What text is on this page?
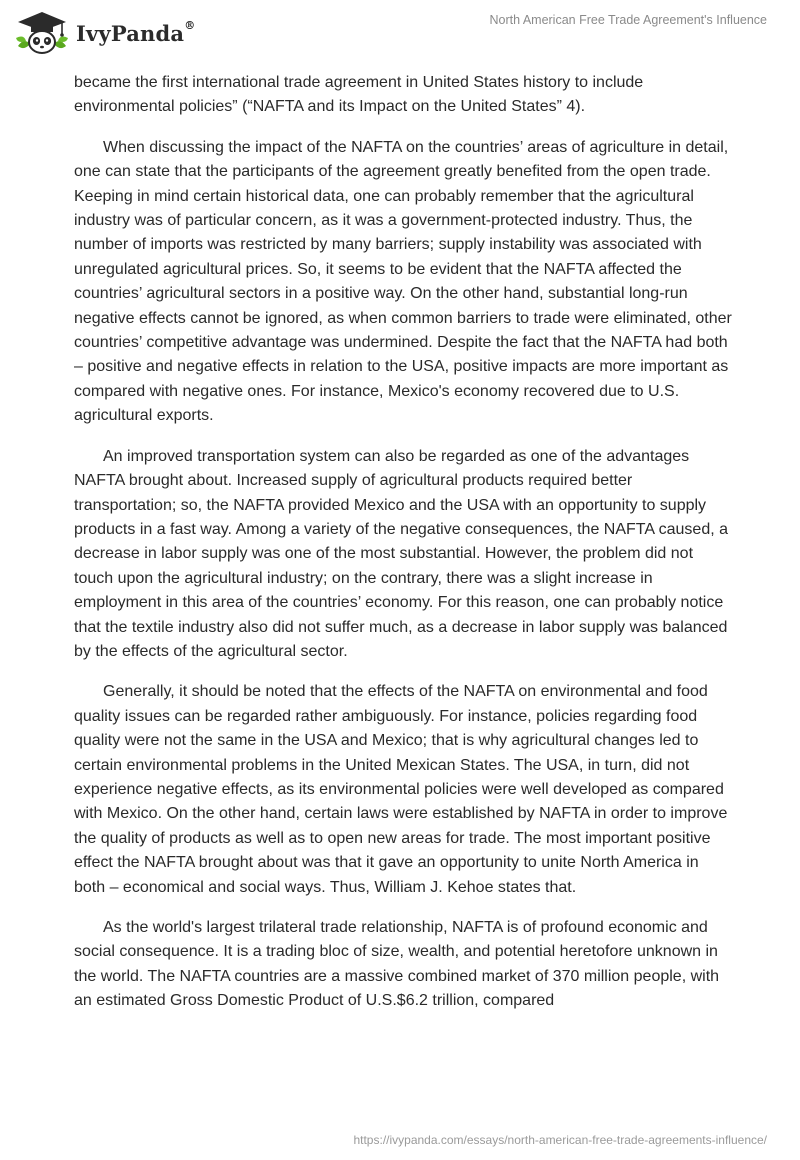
IvyPanda®	North American Free Trade Agreement's Influence

became the first international trade agreement in United States history to include environmental policies” (“NAFTA and its Impact on the United States” 4).

When discussing the impact of the NAFTA on the countries’ areas of agriculture in detail, one can state that the participants of the agreement greatly benefited from the open trade. Keeping in mind certain historical data, one can probably remember that the agricultural industry was of particular concern, as it was a government-protected industry. Thus, the number of imports was restricted by many barriers; supply instability was associated with unregulated agricultural prices. So, it seems to be evident that the NAFTA affected the countries’ agricultural sectors in a positive way. On the other hand, substantial long-run negative effects cannot be ignored, as when common barriers to trade were eliminated, other countries’ competitive advantage was undermined. Despite the fact that the NAFTA had both – positive and negative effects in relation to the USA, positive impacts are more important as compared with negative ones. For instance, Mexico's economy recovered due to U.S. agricultural exports.

An improved transportation system can also be regarded as one of the advantages NAFTA brought about. Increased supply of agricultural products required better transportation; so, the NAFTA provided Mexico and the USA with an opportunity to supply products in a fast way. Among a variety of the negative consequences, the NAFTA caused, a decrease in labor supply was one of the most substantial. However, the problem did not touch upon the agricultural industry; on the contrary, there was a slight increase in employment in this area of the countries’ economy. For this reason, one can probably notice that the textile industry also did not suffer much, as a decrease in labor supply was balanced by the effects of the agricultural sector.

Generally, it should be noted that the effects of the NAFTA on environmental and food quality issues can be regarded rather ambiguously. For instance, policies regarding food quality were not the same in the USA and Mexico; that is why agricultural changes led to certain environmental problems in the United Mexican States. The USA, in turn, did not experience negative effects, as its environmental policies were well developed as compared with Mexico. On the other hand, certain laws were established by NAFTA in order to improve the quality of products as well as to open new areas for trade. The most important positive effect the NAFTA brought about was that it gave an opportunity to unite North America in both – economical and social ways. Thus, William J. Kehoe states that.

As the world's largest trilateral trade relationship, NAFTA is of profound economic and social consequence. It is a trading bloc of size, wealth, and potential heretofore unknown in the world. The NAFTA countries are a massive combined market of 370 million people, with an estimated Gross Domestic Product of U.S.$6.2 trillion, compared

https://ivypanda.com/essays/north-american-free-trade-agreements-influence/
